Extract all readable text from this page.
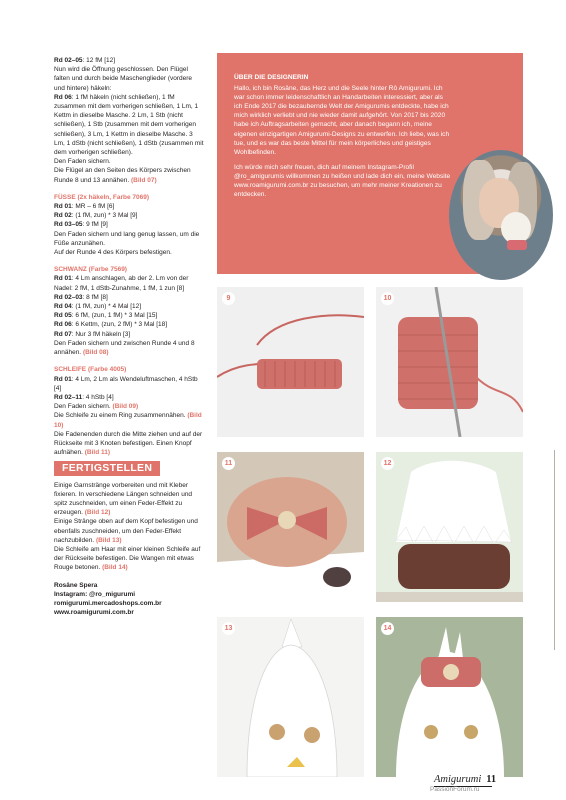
Rd 02–05: 12 fM [12]

Nun wird die Öffnung geschlossen. Den Flügel falten und durch beide Maschenglieder (vordere und hintere) häkeln:

Rd 06: 1 fM häkeln (nicht schließen), 1 fM zusammen mit dem vorherigen schließen, 1 Lm, 1 Kettm in dieselbe Masche. 2 Lm, 1 Stb (nicht schließen), 1 Stb (zusammen mit dem vorherigen schließen), 3 Lm, 1 Kettm in dieselbe Masche. 3 Lm, 1 dStb (nicht schließen), 1 dStb (zusammen mit dem vorherigen schließen).

Den Faden sichern.

Die Flügel an den Seiten des Körpers zwischen Runde 8 und 13 annähen. (Bild 07)

FÜSSE (2x häkeln, Farbe 7069)

Rd 01: MR – 6 fM [6]

Rd 02: (1 fM, zun) * 3 Mal [9]

Rd 03–05: 9 fM [9]

Den Faden sichern und lang genug lassen, um die Füße anzunähen.

Auf der Runde 4 des Körpers befestigen.

SCHWANZ (Farbe 7569)

Rd 01: 4 Lm anschlagen, ab der 2. Lm von der Nadel: 2 fM, 1 dStb-Zunahme, 1 fM, 1 zun [8]

Rd 02–03: 8 fM [8]

Rd 04: (1 fM, zun) * 4 Mal [12]

Rd 05: 6 fM, (zun, 1 fM) * 3 Mal [15]

Rd 06: 6 Kettm, (zun, 2 fM) * 3 Mal [18]

Rd 07: Nur 3 fM häkeln [3]

Den Faden sichern und zwischen Runde 4 und 8 annähen. (Bild 08)

SCHLEIFE (Farbe 4005)

Rd 01: 4 Lm, 2 Lm als Wendeluftmaschen, 4 hStb [4]

Rd 02–11: 4 hStb [4]

Den Faden sichern. (Bild 09)

Die Schleife zu einem Ring zusammennähen. (Bild 10)

Die Fadenenden durch die Mitte ziehen und auf der Rückseite mit 3 Knoten befestigen. Einen Knopf aufnähen. (Bild 11)

FERTIGSTELLEN

Einige Garnstränge vorbereiten und mit Kleber fixieren. In verschiedene Längen schneiden und spitz zuschneiden, um einen Feder-Effekt zu erzeugen. (Bild 12)

Einige Stränge oben auf dem Kopf befestigen und ebenfalls zuschneiden, um den Feder-Effekt nachzubilden. (Bild 13)

Die Schleife am Haar mit einer kleinen Schleife auf der Rückseite befestigen. Die Wangen mit etwas Rouge betonen. (Bild 14)

Rosâne Spera

Instagram: @ro_migurumi

romigurumi.mercadoshops.com.br

www.roamigurumi.com.br

ÜBER DIE DESIGNERIN

Hallo, ich bin Rosâne, das Herz und die Seele hinter Rô Amigurumi. Ich war schon immer leidenschaftlich an Handarbeiten interessiert, aber als ich Ende 2017 die bezaubernde Welt der Amigurumis entdeckte, habe ich mich wirklich verliebt und nie wieder damit aufgehört. Von 2017 bis 2020 habe ich Auftragsarbeiten gemacht, aber danach begann ich, meine eigenen einzigartigen Amigurumi-Designs zu entwerfen. Ich liebe, was ich tue, und es war das beste Mittel für mein körperliches und geistiges Wohlbefinden.

Ich würde mich sehr freuen, dich auf meinem Instagram-Profil @ro_amigurumis willkommen zu heißen und lade dich ein, meine Website www.roamigurumi.com.br zu besuchen, um mehr meiner Kreationen zu entdecken.

9	10
11	12
13	14
Amigurumi 11
PassionForum.ru
